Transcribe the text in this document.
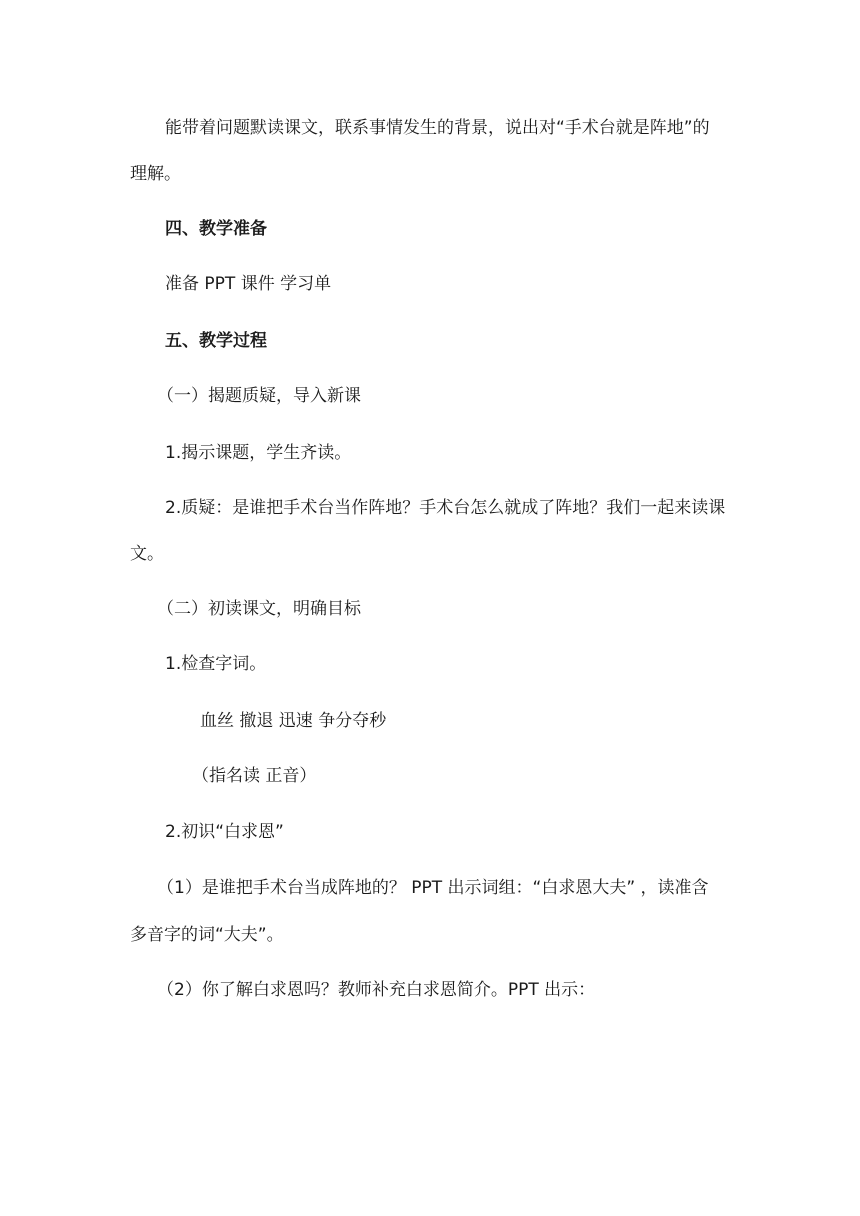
能带着问题默读课文，联系事情发生的背景，说出对“手术台就是阵地”的
理解。
四、教学准备
准备 PPT 课件 学习单
五、教学过程
（一）揭题质疑，导入新课
1.揭示课题，学生齐读。
2.质疑：是谁把手术台当作阵地？手术台怎么就成了阵地？我们一起来读课
文。
（二）初读课文，明确目标
1.检查字词。
血丝 撤退 迅速 争分夺秒
（指名读 正音）
2.初识“白求恩”
（1）是谁把手术台当成阵地的？ PPT 出示词组：“白求恩大夫” ，读准含
多音字的词“大夫”。
（2）你了解白求恩吗？教师补充白求恩简介。PPT 出示：
